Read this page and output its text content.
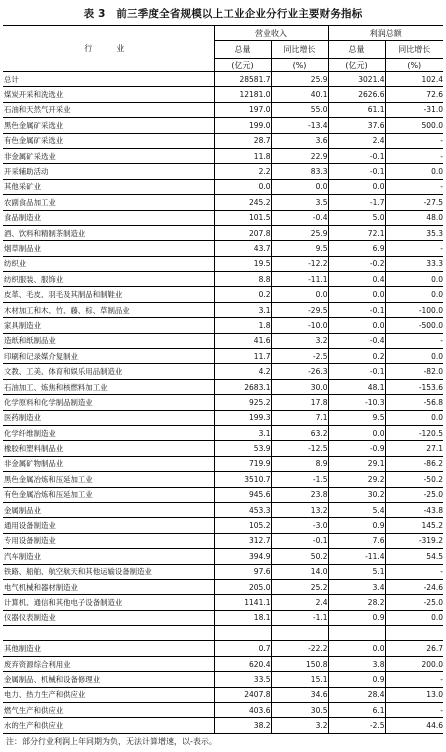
表 3　前三季度全省规模以上工业企业分行业主要财务指标
行　业	营业收入		利润总额	
	总量	同比增长	总量	同比增长
	(亿元)	(%)	(亿元)	(%)
总计	28581.7	25.9	3021.4	102.4
煤炭开采和洗选业	12181.0	40.1	2626.6	72.6
石油和天然气开采业	197.0	55.0	61.1	-31.0
黑色金属矿采选业	199.0	-13.4	37.6	500.0
有色金属矿采选业	28.7	3.6	2.4	-
非金属矿采选业	11.8	22.9	-0.1	-
开采辅助活动	2.2	83.3	-0.1	0.0
其他采矿业	0.0	0.0	0.0	-
农副食品加工业	245.2	3.5	-1.7	-27.5
食品制造业	101.5	-0.4	5.0	48.0
酒、饮料和精制茶制造业	207.8	25.9	72.1	35.3
烟草制品业	43.7	9.5	6.9	-
纺织业	19.5	-12.2	-0.2	33.3
纺织服装、服饰业	8.8	-11.1	0.4	0.0
皮革、毛皮、羽毛及其制品和制鞋业	0.2	0.0	0.0	0.0
木材加工和木、竹、藤、棕、草制品业	3.1	-29.5	-0.1	-100.0
家具制造业	1.8	-10.0	0.0	-500.0
造纸和纸制品业	41.6	3.2	-0.4	-
印刷和记录媒介复制业	11.7	-2.5	0.2	0.0
文教、工美、体育和娱乐用品制造业	4.2	-26.3	-0.1	-82.0
石油加工、炼焦和核燃料加工业	2683.1	30.0	48.1	-153.6
化学原料和化学制品制造业	925.2	17.8	-10.3	-56.8
医药制造业	199.3	7.1	9.5	0.0
化学纤维制造业	3.1	63.2	0.0	-120.5
橡胶和塑料制品业	53.9	-12.5	-0.9	27.1
非金属矿物制品业	719.9	8.9	29.1	-86.2
黑色金属冶炼和压延加工业	3510.7	-1.5	29.2	-50.2
有色金属冶炼和压延加工业	945.6	23.8	30.2	-25.0
金属制品业	453.3	13.2	5.4	-43.8
通用设备制造业	105.2	-3.0	0.9	145.2
专用设备制造业	312.7	-0.1	7.6	-319.2
汽车制造业	394.9	50.2	-11.4	54.5
铁路、船舶、航空航天和其他运输设备制造业	97.6	14.0	5.1	-
电气机械和器材制造业	205.0	25.2	3.4	-24.6
计算机、通信和其他电子设备制造业	1141.1	2.4	28.2	-25.0
仪器仪表制造业	18.1	-1.1	0.9	0.0

其他制造业	0.7	-22.2	0.0	26.7
废弃资源综合利用业	620.4	150.8	3.8	200.0
金属制品、机械和设备修理业	33.5	15.1	0.9	-
电力、热力生产和供应业	2407.8	34.6	28.4	13.0
燃气生产和供应业	403.6	30.5	6.1	-
水的生产和供应业	38.2	3.2	-2.5	44.6
注：部分行业利润上年同期为负，无法计算增速，以-表示。
